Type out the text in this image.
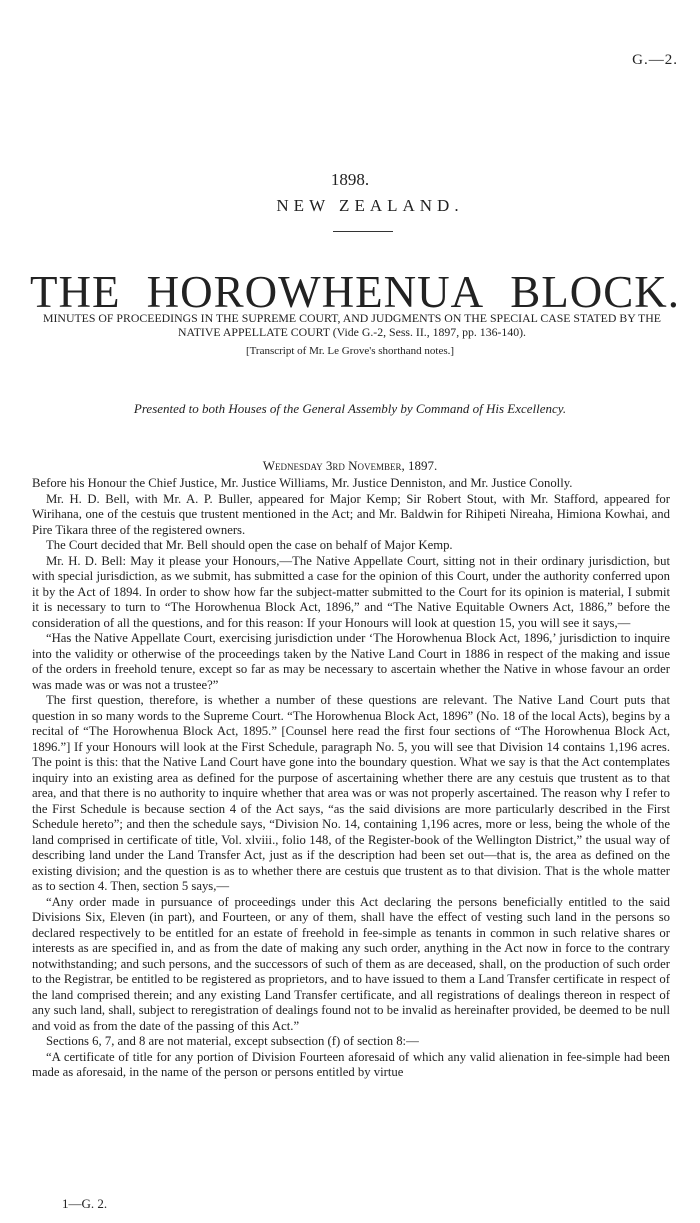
G.—2.
1898.
NEW ZEALAND.
THE HOROWHENUA BLOCK.
MINUTES OF PROCEEDINGS IN THE SUPREME COURT, AND JUDGMENTS ON THE SPECIAL CASE STATED BY THE NATIVE APPELLATE COURT (Vide G.-2, Sess. II., 1897, pp. 136-140).
[Transcript of Mr. Le Grove's shorthand notes.]
Presented to both Houses of the General Assembly by Command of His Excellency.
Wednesday 3rd November, 1897.

Before his Honour the Chief Justice, Mr. Justice Williams, Mr. Justice Denniston, and Mr. Justice Conolly.

Mr. H. D. Bell, with Mr. A. P. Buller, appeared for Major Kemp; Sir Robert Stout, with Mr. Stafford, appeared for Wirihana, one of the cestuis que trustent mentioned in the Act; and Mr. Baldwin for Rihipeti Nireaha, Himiona Kowhai, and Pire Tikara three of the registered owners.

The Court decided that Mr. Bell should open the case on behalf of Major Kemp.

Mr. H. D. Bell: May it please your Honours,—The Native Appellate Court, sitting not in their ordinary jurisdiction, but with special jurisdiction, as we submit, has submitted a case for the opinion of this Court, under the authority conferred upon it by the Act of 1894. In order to show how far the subject-matter submitted to the Court for its opinion is material, I submit it is necessary to turn to “The Horowhenua Block Act, 1896,” and “The Native Equitable Owners Act, 1886,” before the consideration of all the questions, and for this reason: If your Honours will look at question 15, you will see it says,—

“Has the Native Appellate Court, exercising jurisdiction under ‘The Horowhenua Block Act, 1896,’ jurisdiction to inquire into the validity or otherwise of the proceedings taken by the Native Land Court in 1886 in respect of the making and issue of the orders in freehold tenure, except so far as may be necessary to ascertain whether the Native in whose favour an order was made was or was not a trustee?”

The first question, therefore, is whether a number of these questions are relevant. The Native Land Court puts that question in so many words to the Supreme Court. “The Horowhenua Block Act, 1896” (No. 18 of the local Acts), begins by a recital of “The Horowhenua Block Act, 1895.” [Counsel here read the first four sections of “The Horowhenua Block Act, 1896.”] If your Honours will look at the First Schedule, paragraph No. 5, you will see that Division 14 contains 1,196 acres. The point is this: that the Native Land Court have gone into the boundary question. What we say is that the Act contemplates inquiry into an existing area as defined for the purpose of ascertaining whether there are any cestuis que trustent as to that area, and that there is no authority to inquire whether that area was or was not properly ascertained. The reason why I refer to the First Schedule is because section 4 of the Act says, “as the said divisions are more particularly described in the First Schedule hereto”; and then the schedule says, “Division No. 14, containing 1,196 acres, more or less, being the whole of the land comprised in certificate of title, Vol. xlviii., folio 148, of the Register-book of the Wellington District,” the usual way of describing land under the Land Transfer Act, just as if the description had been set out—that is, the area as defined on the existing division; and the question is as to whether there are cestuis que trustent as to that division. That is the whole matter as to section 4. Then, section 5 says,—

“Any order made in pursuance of proceedings under this Act declaring the persons beneficially entitled to the said Divisions Six, Eleven (in part), and Fourteen, or any of them, shall have the effect of vesting such land in the persons so declared respectively to be entitled for an estate of freehold in fee-simple as tenants in common in such relative shares or interests as are specified in, and as from the date of making any such order, anything in the Act now in force to the contrary notwithstanding; and such persons, and the successors of such of them as are deceased, shall, on the production of such order to the Registrar, be entitled to be registered as proprietors, and to have issued to them a Land Transfer certificate in respect of the land comprised therein; and any existing Land Transfer certificate, and all registrations of dealings thereon in respect of any such land, shall, subject to reregistration of dealings found not to be invalid as hereinafter provided, be deemed to be null and void as from the date of the passing of this Act.”

Sections 6, 7, and 8 are not material, except subsection (f) of section 8:—

“A certificate of title for any portion of Division Fourteen aforesaid of which any valid alienation in fee-simple had been made as aforesaid, in the name of the person or persons entitled by virtue

1—G. 2.
